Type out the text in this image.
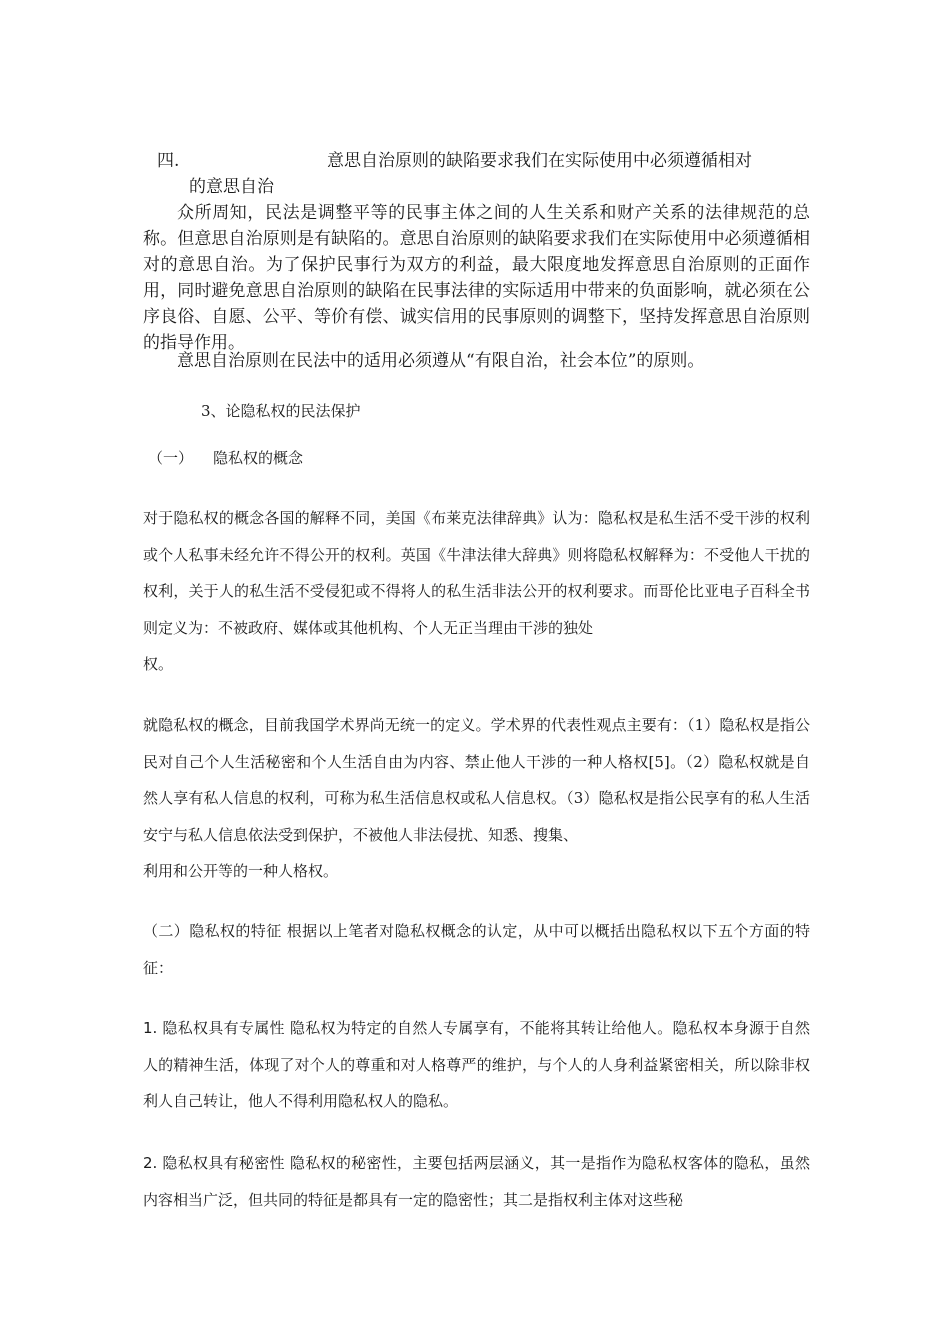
四.	意思自治原则的缺陷要求我们在实际使用中必须遵循相对
的意思自治

众所周知，民法是调整平等的民事主体之间的人生关系和财产关系的法律规范的总称。但意思自治原则是有缺陷的。意思自治原则的缺陷要求我们在实际使用中必须遵循相对的意思自治。为了保护民事行为双方的利益，最大限度地发挥意思自治原则的正面作用，同时避免意思自治原则的缺陷在民事法律的实际适用中带来的负面影响，就必须在公序良俗、自愿、公平、等价有偿、诚实信用的民事原则的调整下，坚持发挥意思自治原则的指导作用。

意思自治原则在民法中的适用必须遵从“有限自治，社会本位”的原则。

3、论隐私权的民法保护
（一） 隐私权的概念
对于隐私权的概念各国的解释不同，美国《布莱克法律辞典》认为：隐私权是私生活不受干涉的权利或个人私事未经允许不得公开的权利。英国《牛津法律大辞典》则将隐私权解释为：不受他人干扰的权利，关于人的私生活不受侵犯或不得将人的私生活非法公开的权利要求。而哥伦比亚电子百科全书则定义为：不被政府、媒体或其他机构、个人无正当理由干涉的独处
权。
就隐私权的概念，目前我国学术界尚无统一的定义。学术界的代表性观点主要有：（1）隐私权是指公民对自己个人生活秘密和个人生活自由为内容、禁止他人干涉的一种人格权[5]。（2）隐私权就是自然人享有私人信息的权利，可称为私生活信息权或私人信息权。（3）隐私权是指公民享有的私人生活安宁与私人信息依法受到保护，不被他人非法侵扰、知悉、搜集、
利用和公开等的一种人格权。
（二）隐私权的特征 根据以上笔者对隐私权概念的认定，从中可以概括出隐私权以下五个方面的特征：
1. 隐私权具有专属性 隐私权为特定的自然人专属享有，不能将其转让给他人。隐私权本身源于自然人的精神生活，体现了对个人的尊重和对人格尊严的维护，与个人的人身利益紧密相关，所以除非权利人自己转让，他人不得利用隐私权人的隐私。
2. 隐私权具有秘密性 隐私权的秘密性，主要包括两层涵义，其一是指作为隐私权客体的隐私，虽然内容相当广泛，但共同的特征是都具有一定的隐密性；其二是指权利主体对这些秘
